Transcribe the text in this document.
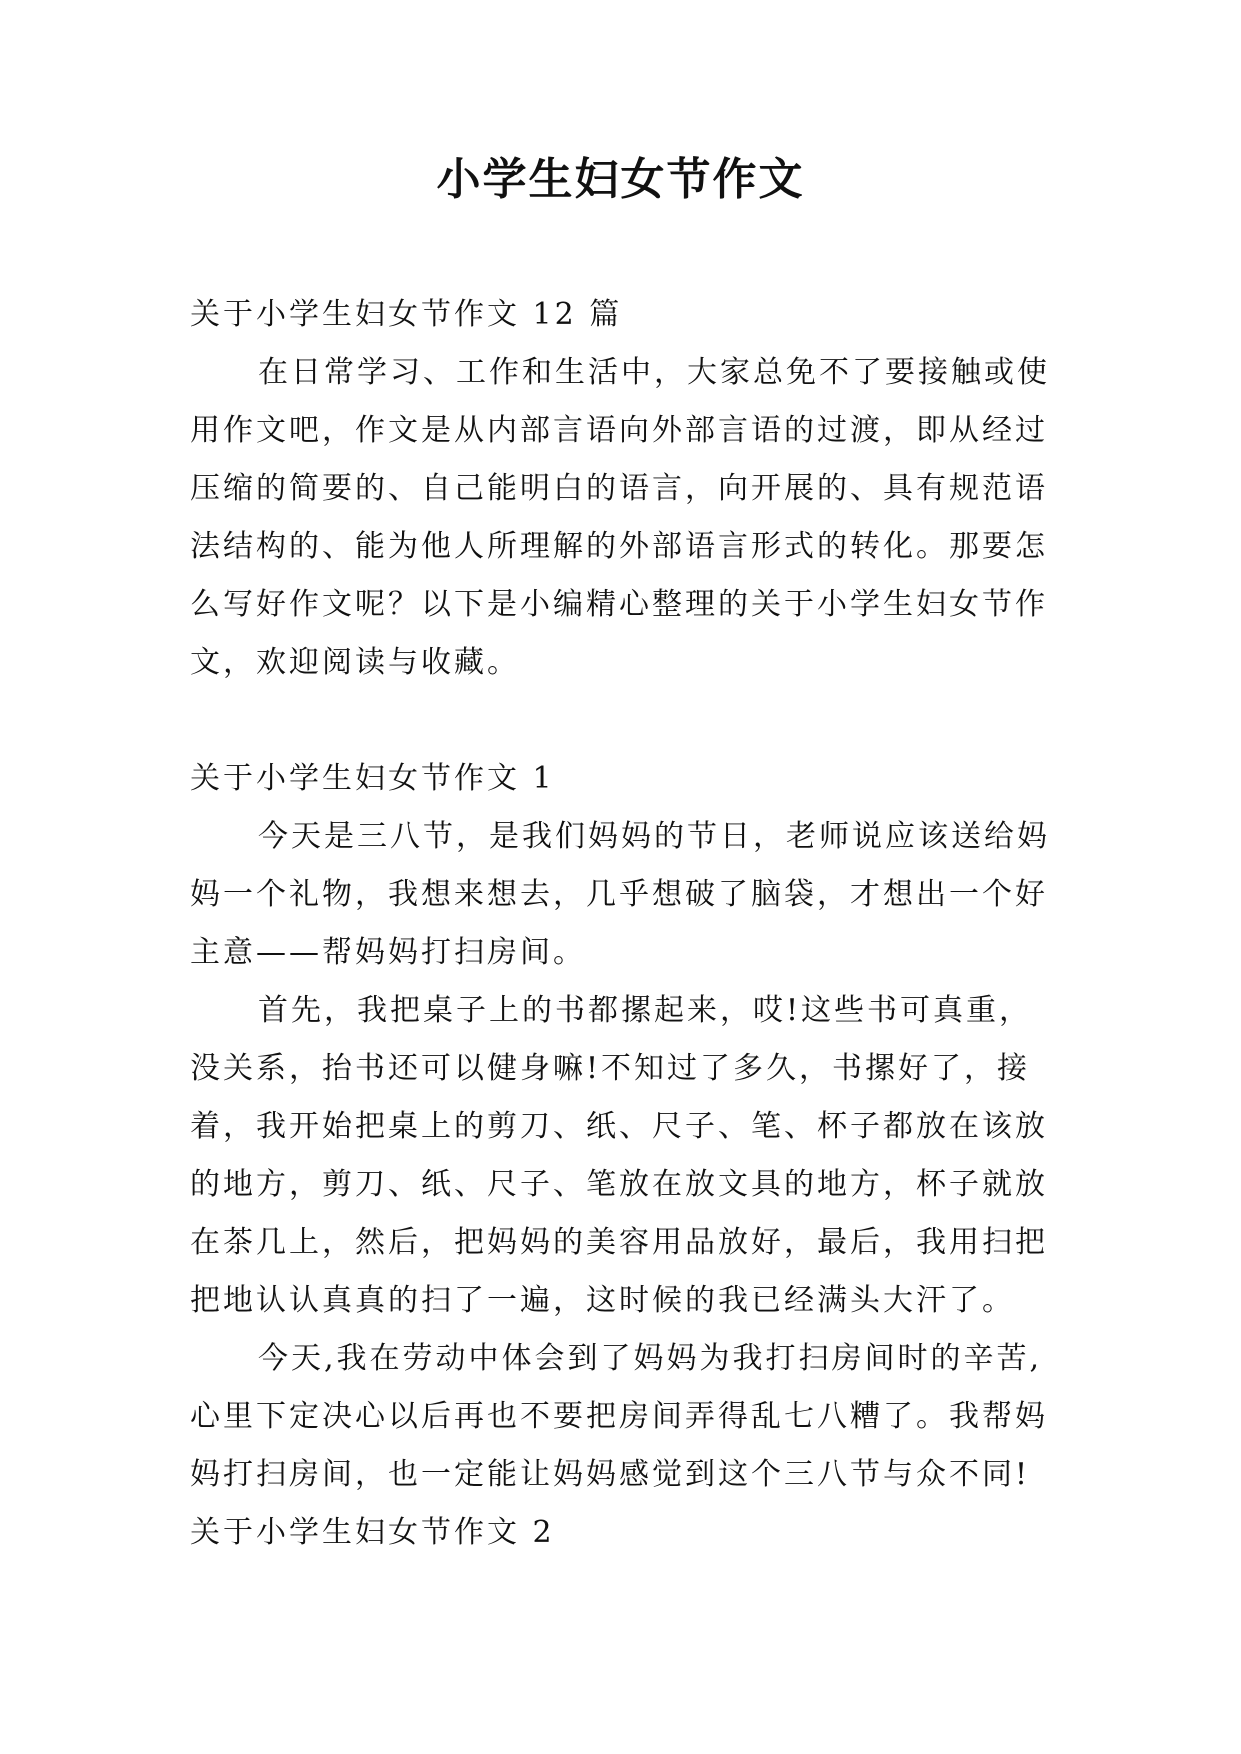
小学生妇女节作文

关于小学生妇女节作文 12 篇

在日常学习、工作和生活中，大家总免不了要接触或使用作文吧，作文是从内部言语向外部言语的过渡，即从经过压缩的简要的、自己能明白的语言，向开展的、具有规范语法结构的、能为他人所理解的外部语言形式的转化。那要怎么写好作文呢？以下是小编精心整理的关于小学生妇女节作文，欢迎阅读与收藏。

关于小学生妇女节作文 1

今天是三八节，是我们妈妈的节日，老师说应该送给妈妈一个礼物，我想来想去，几乎想破了脑袋，才想出一个好主意——帮妈妈打扫房间。

首先，我把桌子上的书都摞起来，哎!这些书可真重，没关系，抬书还可以健身嘛!不知过了多久，书摞好了，接着，我开始把桌上的剪刀、纸、尺子、笔、杯子都放在该放的地方，剪刀、纸、尺子、笔放在放文具的地方，杯子就放在茶几上，然后，把妈妈的美容用品放好，最后，我用扫把把地认认真真的扫了一遍，这时候的我已经满头大汗了。

今天,我在劳动中体会到了妈妈为我打扫房间时的辛苦,心里下定决心以后再也不要把房间弄得乱七八糟了。我帮妈妈打扫房间，也一定能让妈妈感觉到这个三八节与众不同!

关于小学生妇女节作文 2
